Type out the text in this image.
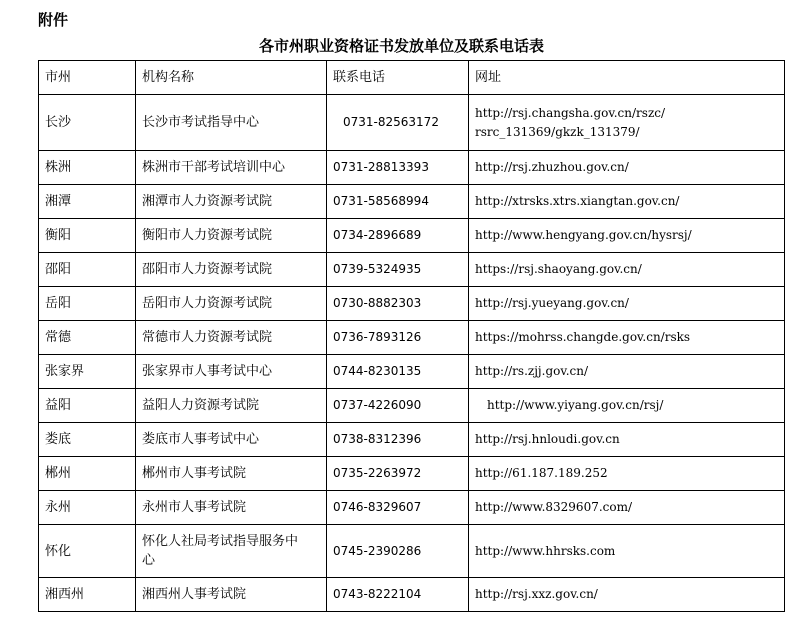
附件
各市州职业资格证书发放单位及联系电话表
市州	机构名称	联系电话	网址
长沙	长沙市考试指导中心	0731-82563172	http://rsj.changsha.gov.cn/rszc/
rsrc_131369/gkzk_131379/

株洲	株洲市干部考试培训中心	0731-28813393	http://rsj.zhuzhou.gov.cn/
湘潭	湘潭市人力资源考试院	0731-58568994	http://xtrsks.xtrs.xiangtan.gov.cn/
衡阳	衡阳市人力资源考试院	0734-2896689	http://www.hengyang.gov.cn/hysrsj/
邵阳	邵阳市人力资源考试院	0739-5324935	https://rsj.shaoyang.gov.cn/
岳阳	岳阳市人力资源考试院	0730-8882303	http://rsj.yueyang.gov.cn/
常德	常德市人力资源考试院	0736-7893126	https://mohrss.changde.gov.cn/rsks
张家界	张家界市人事考试中心	0744-8230135	http://rs.zjj.gov.cn/
益阳	益阳人力资源考试院	0737-4226090	http://www.yiyang.gov.cn/rsj/
娄底	娄底市人事考试中心	0738-8312396	http://rsj.hnloudi.gov.cn
郴州	郴州市人事考试院	0735-2263972	http://61.187.189.252
永州	永州市人事考试院	0746-8329607	http://www.8329607.com/
怀化	怀化人社局考试指导服务中
心	0745-2390286	http://www.hhrsks.com
湘西州	湘西州人事考试院	0743-8222104	http://rsj.xxz.gov.cn/
